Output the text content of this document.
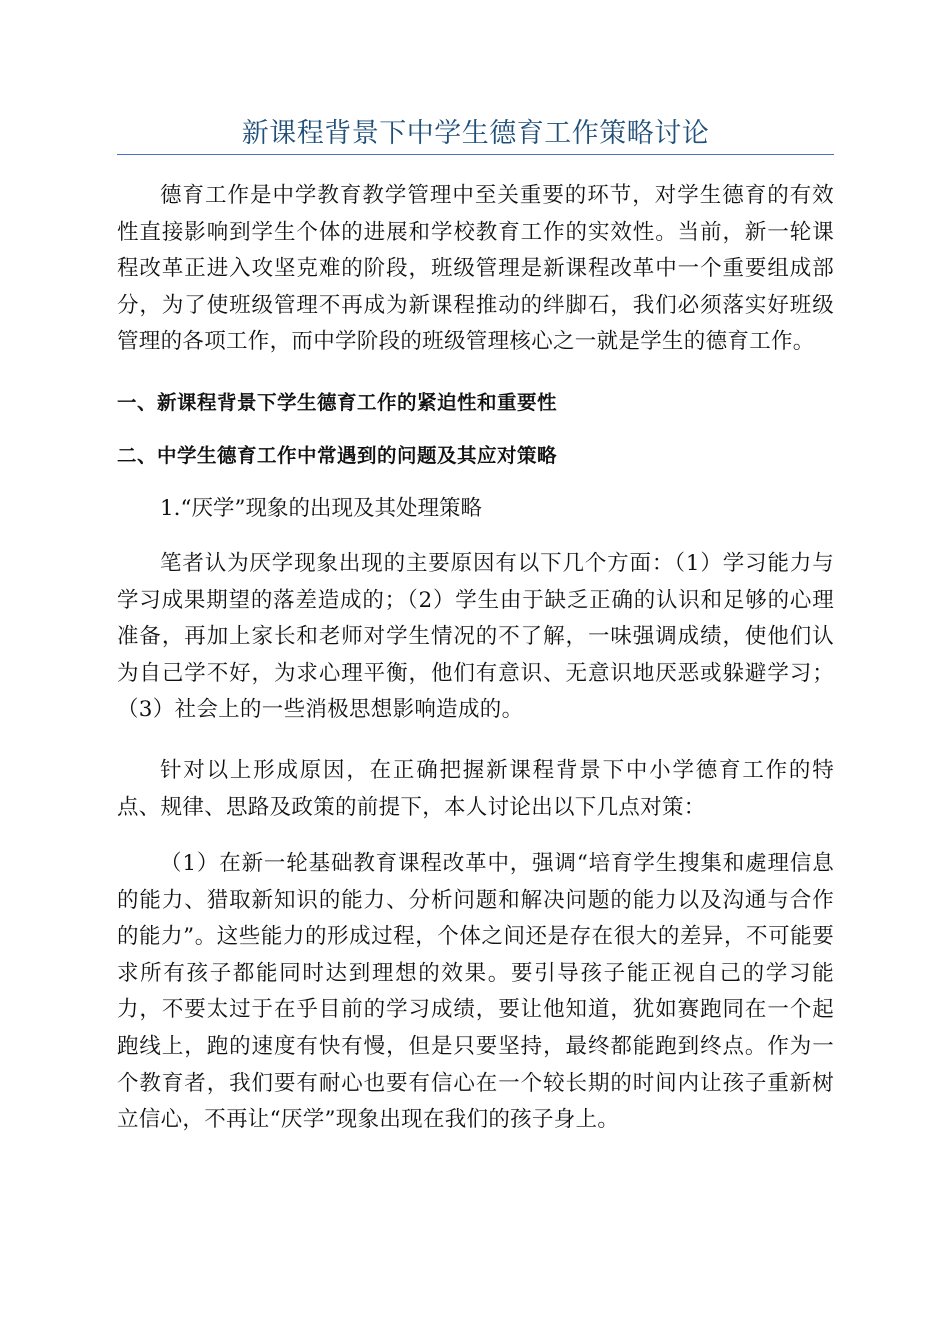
新课程背景下中学生德育工作策略讨论

德育工作是中学教育教学管理中至关重要的环节，对学生德育的有效性直接影响到学生个体的进展和学校教育工作的实效性。当前，新一轮课程改革正进入攻坚克难的阶段，班级管理是新课程改革中一个重要组成部分，为了使班级管理不再成为新课程推动的绊脚石，我们必须落实好班级管理的各项工作，而中学阶段的班级管理核心之一就是学生的德育工作。

一、新课程背景下学生德育工作的紧迫性和重要性
二、中学生德育工作中常遇到的问题及其应对策略

1.“厌学”现象的出现及其处理策略

笔者认为厌学现象出现的主要原因有以下几个方面：（1）学习能力与学习成果期望的落差造成的；（2）学生由于缺乏正确的认识和足够的心理准备，再加上家长和老师对学生情况的不了解，一味强调成绩，使他们认为自己学不好，为求心理平衡，他们有意识、无意识地厌恶或躲避学习；（3）社会上的一些消极思想影响造成的。

针对以上形成原因，在正确把握新课程背景下中小学德育工作的特点、规律、思路及政策的前提下，本人讨论出以下几点对策：

（1）在新一轮基础教育课程改革中，强调“培育学生搜集和處理信息的能力、猎取新知识的能力、分析问题和解决问题的能力以及沟通与合作的能力”。这些能力的形成过程，个体之间还是存在很大的差异，不可能要求所有孩子都能同时达到理想的效果。要引导孩子能正视自己的学习能力，不要太过于在乎目前的学习成绩，要让他知道，犹如赛跑同在一个起跑线上，跑的速度有快有慢，但是只要坚持，最终都能跑到终点。作为一个教育者，我们要有耐心也要有信心在一个较长期的时间内让孩子重新树立信心，不再让“厌学”现象出现在我们的孩子身上。
